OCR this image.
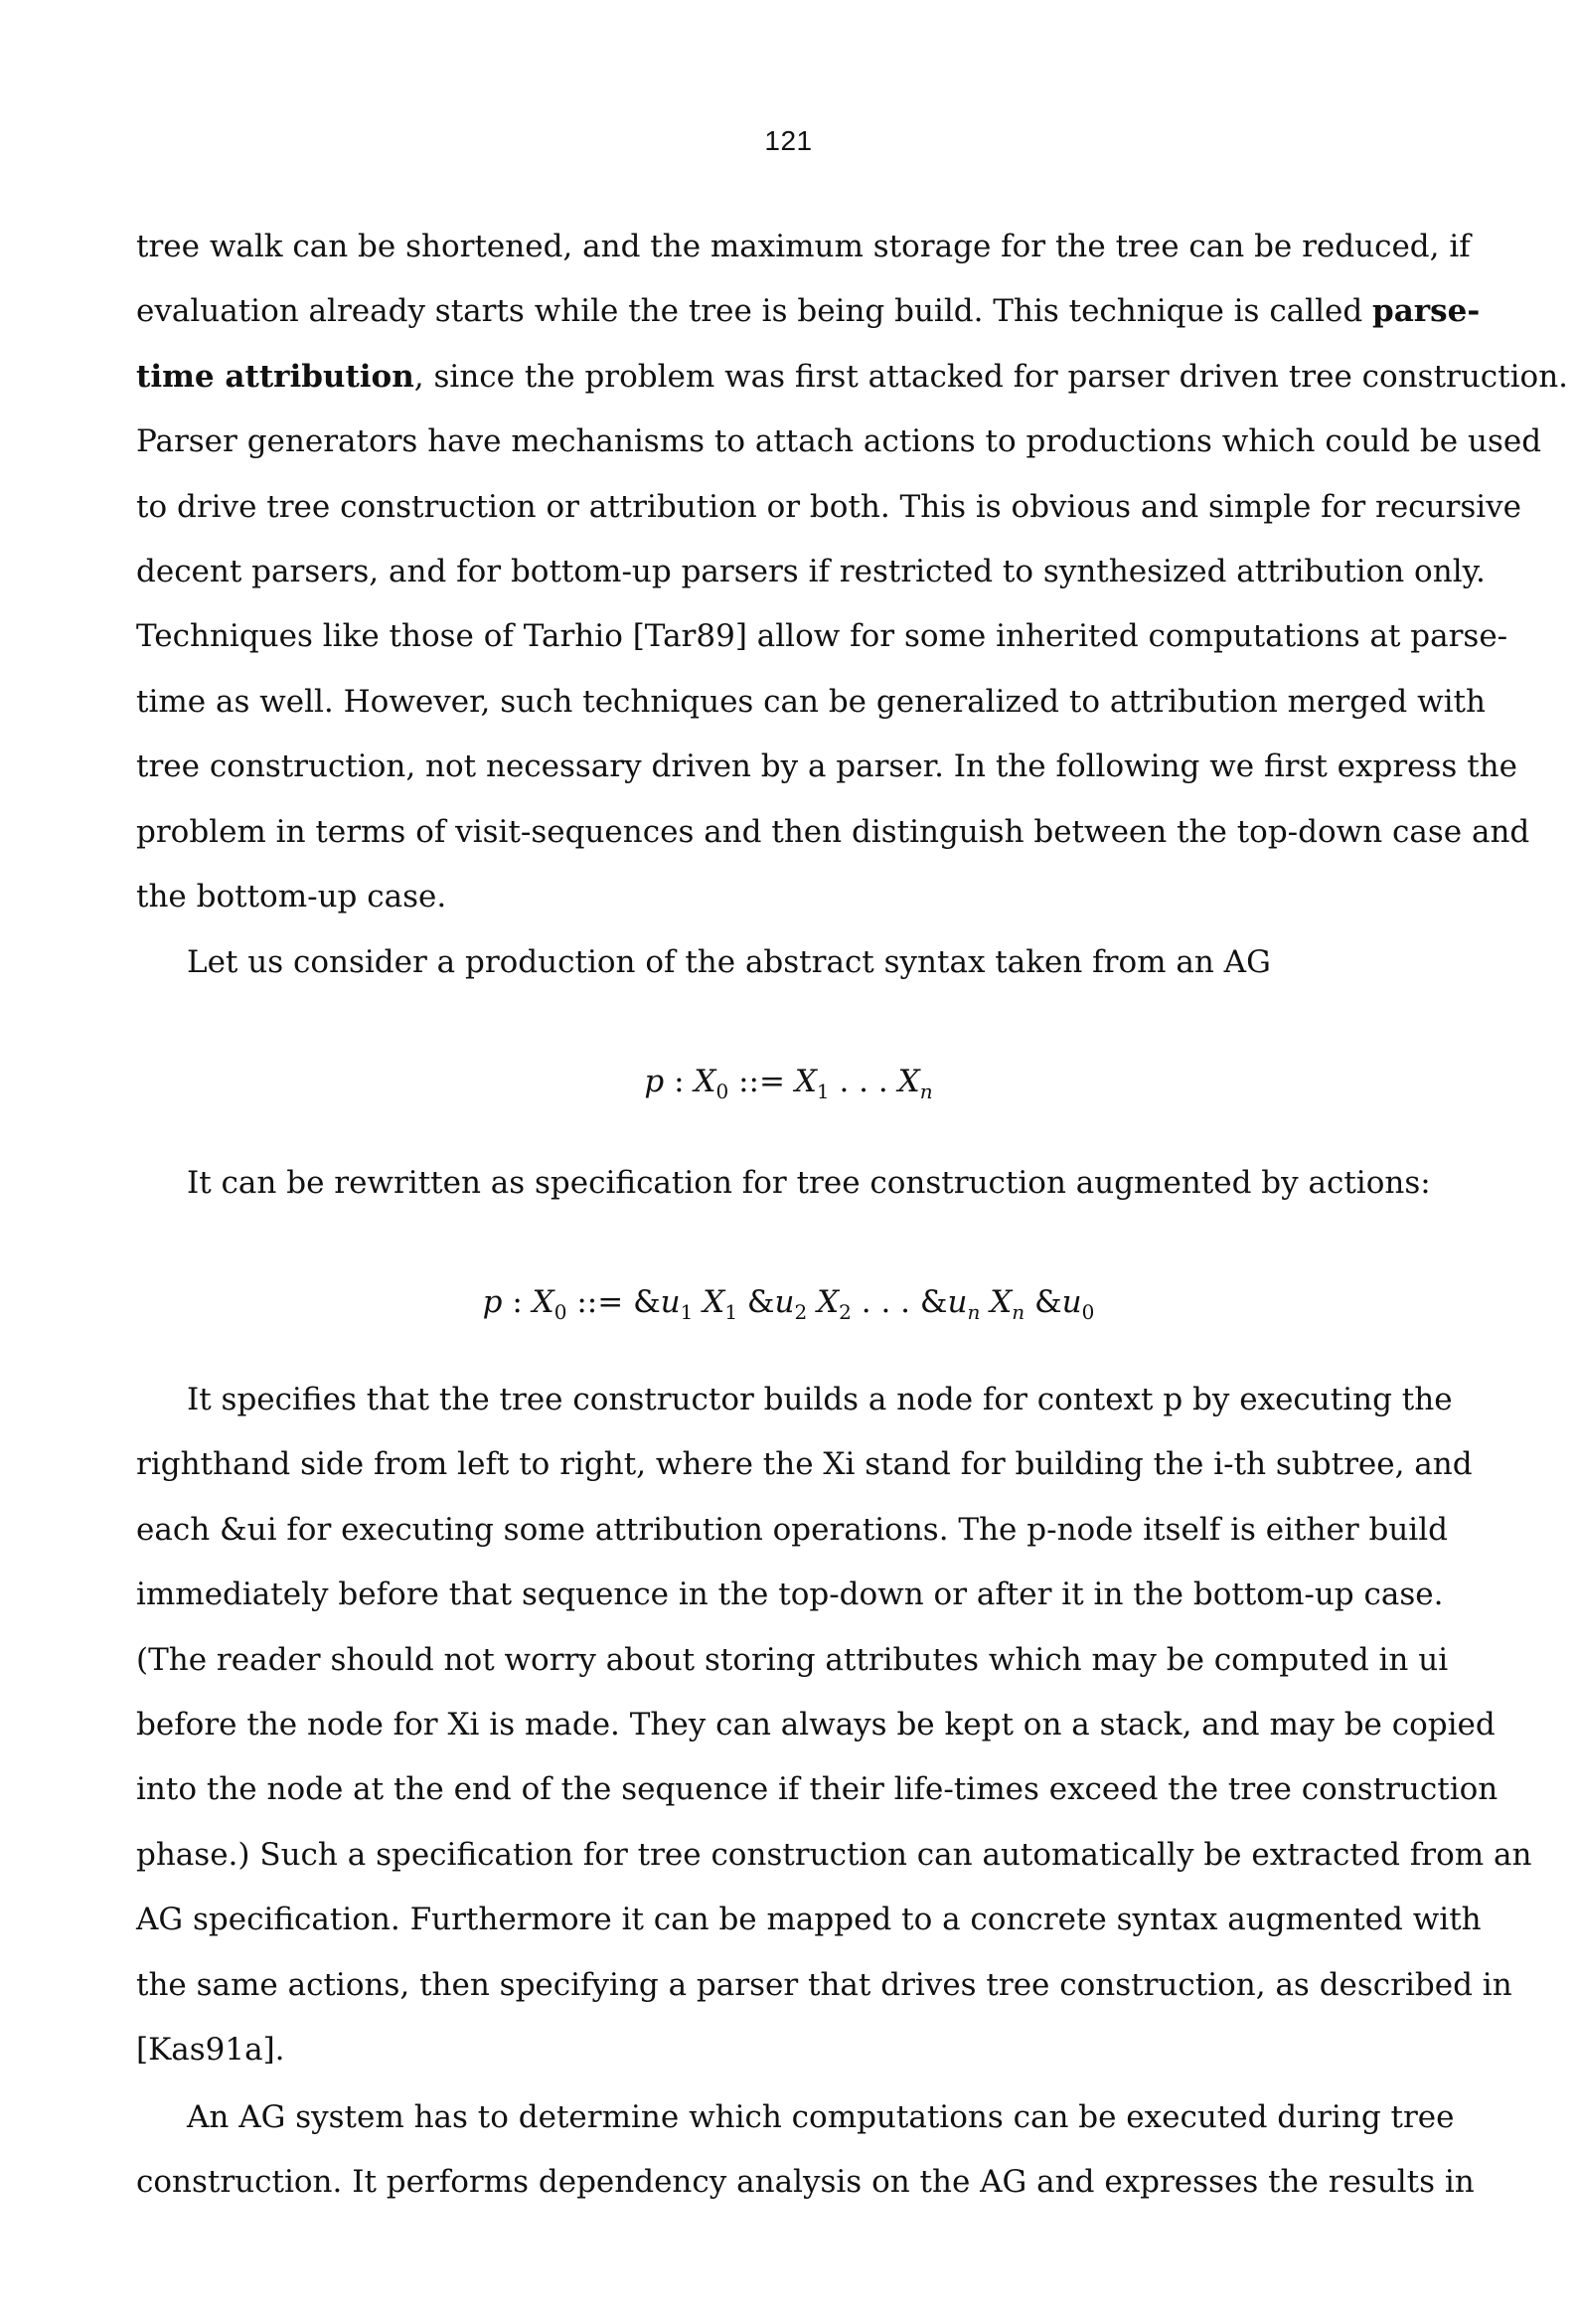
121
tree walk can be shortened, and the maximum storage for the tree can be reduced, if
evaluation already starts while the tree is being build. This technique is called parse-
time attribution, since the problem was first attacked for parser driven tree construction.
Parser generators have mechanisms to attach actions to productions which could be used
to drive tree construction or attribution or both. This is obvious and simple for recursive
decent parsers, and for bottom-up parsers if restricted to synthesized attribution only.
Techniques like those of Tarhio [Tar89] allow for some inherited computations at parse-
time as well. However, such techniques can be generalized to attribution merged with
tree construction, not necessary driven by a parser. In the following we first express the
problem in terms of visit-sequences and then distinguish between the top-down case and
the bottom-up case.
Let us consider a production of the abstract syntax taken from an AG
p : $X_0$ ::= $X_1$ . . . $X_n$
It can be rewritten as specification for tree construction augmented by actions:
p : $X_0$ ::= $\&u_1$ $X_1$ $\&u_2$ $X_2$ . . . $\&u_n$ $X_n$ $\&u_0$
It specifies that the tree constructor builds a node for context p by executing the
righthand side from left to right, where the Xi stand for building the i-th subtree, and
each &ui for executing some attribution operations. The p-node itself is either build
immediately before that sequence in the top-down or after it in the bottom-up case.
(The reader should not worry about storing attributes which may be computed in ui
before the node for Xi is made. They can always be kept on a stack, and may be copied
into the node at the end of the sequence if their life-times exceed the tree construction
phase.) Such a specification for tree construction can automatically be extracted from an
AG specification. Furthermore it can be mapped to a concrete syntax augmented with
the same actions, then specifying a parser that drives tree construction, as described in
[Kas91a].
An AG system has to determine which computations can be executed during tree
construction. It performs dependency analysis on the AG and expresses the results in
